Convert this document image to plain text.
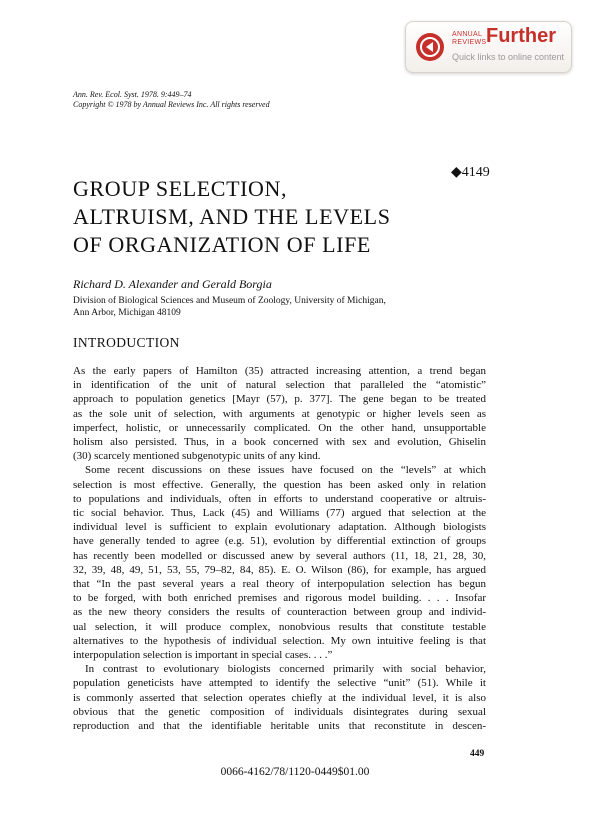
ANNUAL
REVIEWS Further
Quick links to online content
Ann. Rev. Ecol. Syst. 1978. 9:449–74
Copyright © 1978 by Annual Reviews Inc. All rights reserved
◆4149
GROUP SELECTION,
ALTRUISM, AND THE LEVELS
OF ORGANIZATION OF LIFE
Richard D. Alexander and Gerald Borgia
Division of Biological Sciences and Museum of Zoology, University of Michigan,
Ann Arbor, Michigan 48109
INTRODUCTION
As the early papers of Hamilton (35) attracted increasing attention, a trend began
in identification of the unit of natural selection that paralleled the “atomistic”
approach to population genetics [Mayr (57), p. 377]. The gene began to be treated
as the sole unit of selection, with arguments at genotypic or higher levels seen as
imperfect, holistic, or unnecessarily complicated. On the other hand, unsupportable
holism also persisted. Thus, in a book concerned with sex and evolution, Ghiselin
(30) scarcely mentioned subgenotypic units of any kind.
Some recent discussions on these issues have focused on the “levels” at which
selection is most effective. Generally, the question has been asked only in relation
to populations and individuals, often in efforts to understand cooperative or altruis-
tic social behavior. Thus, Lack (45) and Williams (77) argued that selection at the
individual level is sufficient to explain evolutionary adaptation. Although biologists
have generally tended to agree (e.g. 51), evolution by differential extinction of groups
has recently been modelled or discussed anew by several authors (11, 18, 21, 28, 30,
32, 39, 48, 49, 51, 53, 55, 79–82, 84, 85). E. O. Wilson (86), for example, has argued
that “In the past several years a real theory of interpopulation selection has begun
to be forged, with both enriched premises and rigorous model building. . . . Insofar
as the new theory considers the results of counteraction between group and individ-
ual selection, it will produce complex, nonobvious results that constitute testable
alternatives to the hypothesis of individual selection. My own intuitive feeling is that
interpopulation selection is important in special cases. . . .”
In contrast to evolutionary biologists concerned primarily with social behavior,
population geneticists have attempted to identify the selective “unit” (51). While it
is commonly asserted that selection operates chiefly at the individual level, it is also
obvious that the genetic composition of individuals disintegrates during sexual
reproduction and that the identifiable heritable units that reconstitute in descen-
449
0066-4162/78/1120-0449$01.00
